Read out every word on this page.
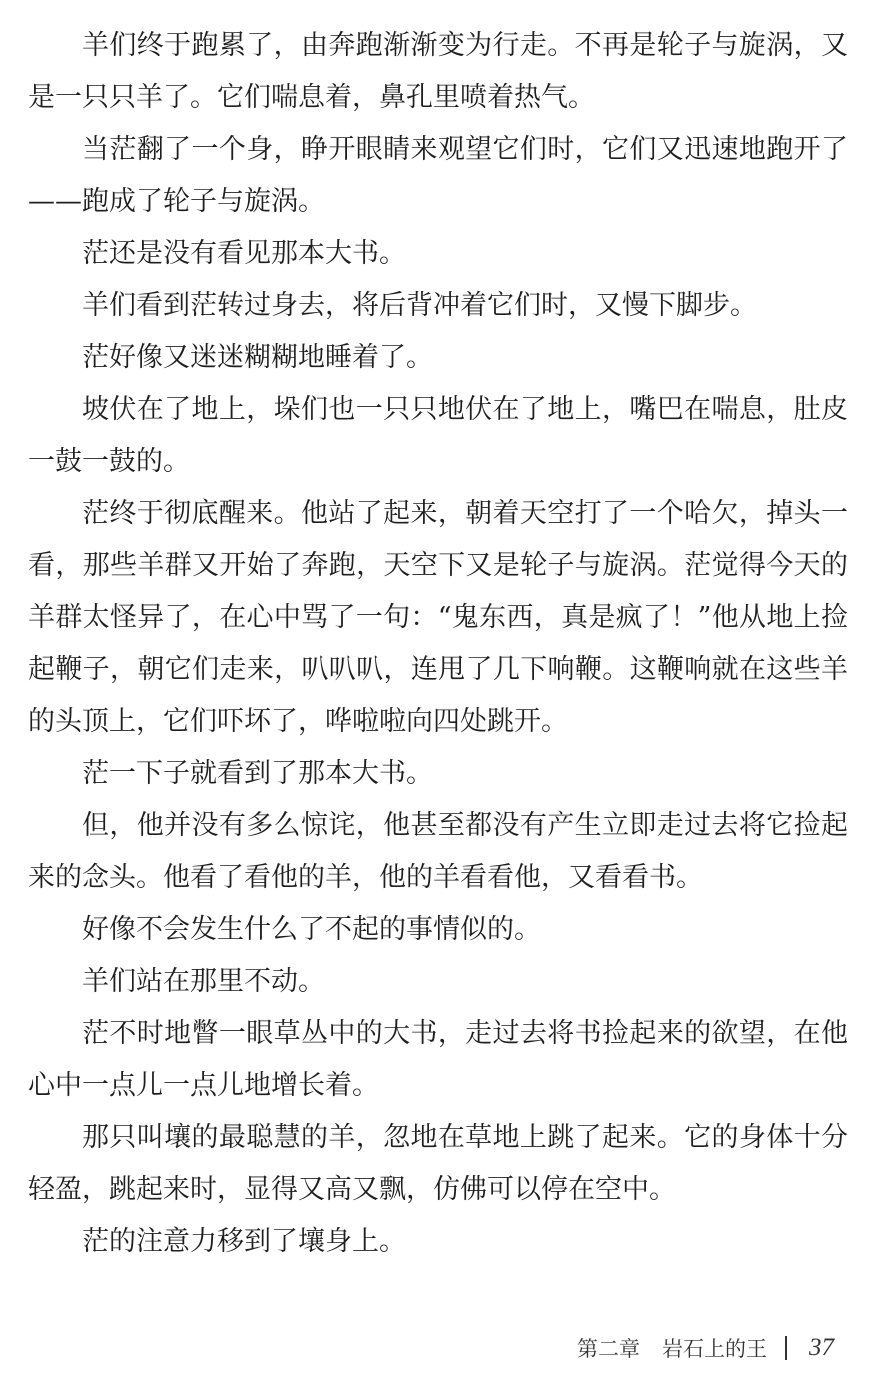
羊们终于跑累了，由奔跑渐渐变为行走。不再是轮子与旋涡，又是一只只羊了。它们喘息着，鼻孔里喷着热气。

当茫翻了一个身，睁开眼睛来观望它们时，它们又迅速地跑开了——跑成了轮子与旋涡。

茫还是没有看见那本大书。

羊们看到茫转过身去，将后背冲着它们时，又慢下脚步。

茫好像又迷迷糊糊地睡着了。

坡伏在了地上，垛们也一只只地伏在了地上，嘴巴在喘息，肚皮一鼓一鼓的。

茫终于彻底醒来。他站了起来，朝着天空打了一个哈欠，掉头一看，那些羊群又开始了奔跑，天空下又是轮子与旋涡。茫觉得今天的羊群太怪异了，在心中骂了一句：“鬼东西，真是疯了！”他从地上捡起鞭子，朝它们走来，叭叭叭，连甩了几下响鞭。这鞭响就在这些羊的头顶上，它们吓坏了，哗啦啦向四处跳开。

茫一下子就看到了那本大书。

但，他并没有多么惊诧，他甚至都没有产生立即走过去将它捡起来的念头。他看了看他的羊，他的羊看看他，又看看书。

好像不会发生什么了不起的事情似的。

羊们站在那里不动。

茫不时地瞥一眼草丛中的大书，走过去将书捡起来的欲望，在他心中一点儿一点儿地增长着。

那只叫壤的最聪慧的羊，忽地在草地上跳了起来。它的身体十分轻盈，跳起来时，显得又高又飘，仿佛可以停在空中。

茫的注意力移到了壤身上。

第二章 岩石上的王 37
